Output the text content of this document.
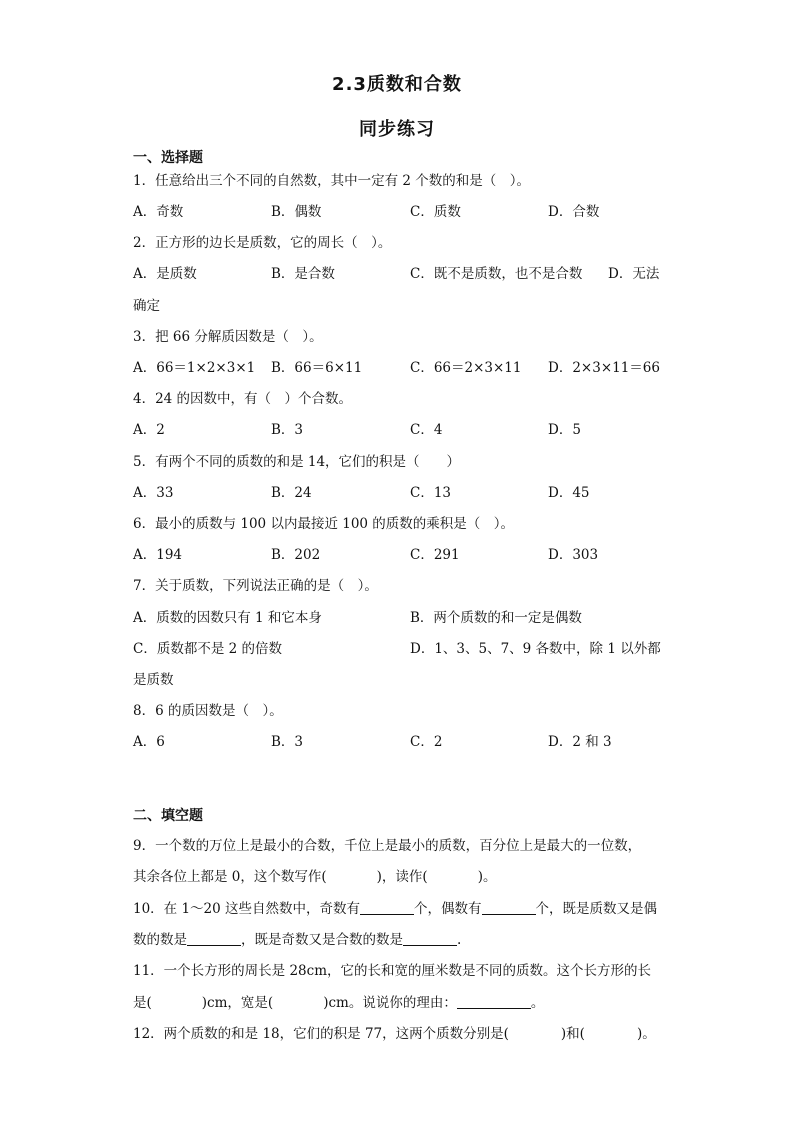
2.3质数和合数
同步练习
一、选择题
1．任意给出三个不同的自然数，其中一定有 2 个数的和是（　）。
A．奇数	B．偶数	C．质数	D．合数
2．正方形的边长是质数，它的周长（　）。
A．是质数	B．是合数	C．既不是质数，也不是合数 D．无法
确定
3．把 66 分解质因数是（　）。
A．66＝1×2×3×1 B．66＝6×11	C．66＝2×3×11 D．2×3×11＝66
4．24 的因数中，有（　）个合数。
A．2	B．3	C．4	D．5
5．有两个不同的质数的和是 14，它们的积是（　　）
A．33	B．24	C．13	D．45
6．最小的质数与 100 以内最接近 100 的质数的乘积是（　）。
A．194	B．202	C．291	D．303
7．关于质数，下列说法正确的是（　）。
A．质数的因数只有 1 和它本身	B．两个质数的和一定是偶数
C．质数都不是 2 的倍数	D．1、3、5、7、9 各数中，除 1 以外都
是质数
8．6 的质因数是（　）。
A．6	B．3	C．2	D．2 和 3
二、填空题
9．一个数的万位上是最小的合数，千位上是最小的质数，百分位上是最大的一位数，
其余各位上都是 0，这个数写作(	)，读作(	)。
10．在 1～20 这些自然数中，奇数有	个，偶数有	个，既是质数又是偶
数的数是	，既是奇数又是合数的数是	.
11．一个长方形的周长是 28cm，它的长和宽的厘米数是不同的质数。这个长方形的长
是(	)cm，宽是(	)cm。说说你的理由：	。
12．两个质数的和是 18，它们的积是 77，这两个质数分别是(	)和(	)。
